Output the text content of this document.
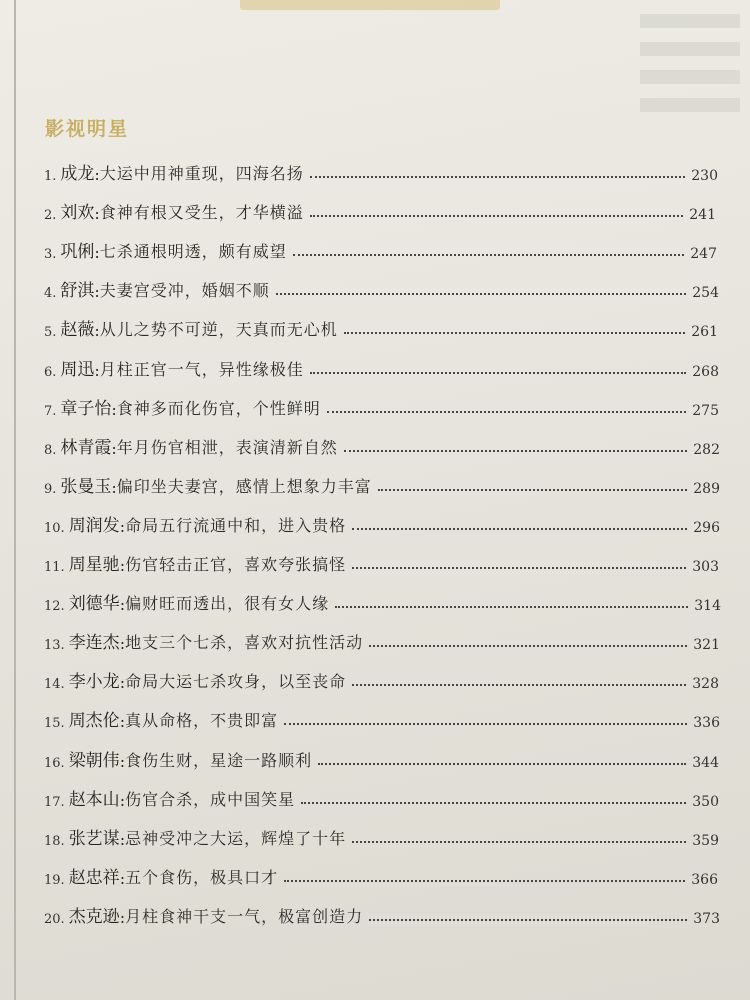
影视明星
1. 成龙 : 大运中用神重现，四海名扬	230
2. 刘欢 : 食神有根又受生，才华横溢	241
3. 巩俐 : 七杀通根明透，颇有威望	247
4. 舒淇 : 夫妻宫受冲，婚姻不顺	254
5. 赵薇 : 从儿之势不可逆，天真而无心机	261
6. 周迅 : 月柱正官一气，异性缘极佳	268
7. 章子怡 : 食神多而化伤官，个性鲜明	275
8. 林青霞 : 年月伤官相泄，表演清新自然	282
9. 张曼玉 : 偏印坐夫妻宫，感情上想象力丰富	289
10. 周润发 : 命局五行流通中和，进入贵格	296
11. 周星驰 : 伤官轻击正官，喜欢夸张搞怪	303
12. 刘德华 : 偏财旺而透出，很有女人缘	314
13. 李连杰 : 地支三个七杀，喜欢对抗性活动	321
14. 李小龙 : 命局大运七杀攻身，以至丧命	328
15. 周杰伦 : 真从命格，不贵即富	336
16. 梁朝伟 : 食伤生财，星途一路顺利	344
17. 赵本山 : 伤官合杀，成中国笑星	350
18. 张艺谋 : 忌神受冲之大运，辉煌了十年	359
19. 赵忠祥 : 五个食伤，极具口才	366
20. 杰克逊 : 月柱食神干支一气，极富创造力	373
